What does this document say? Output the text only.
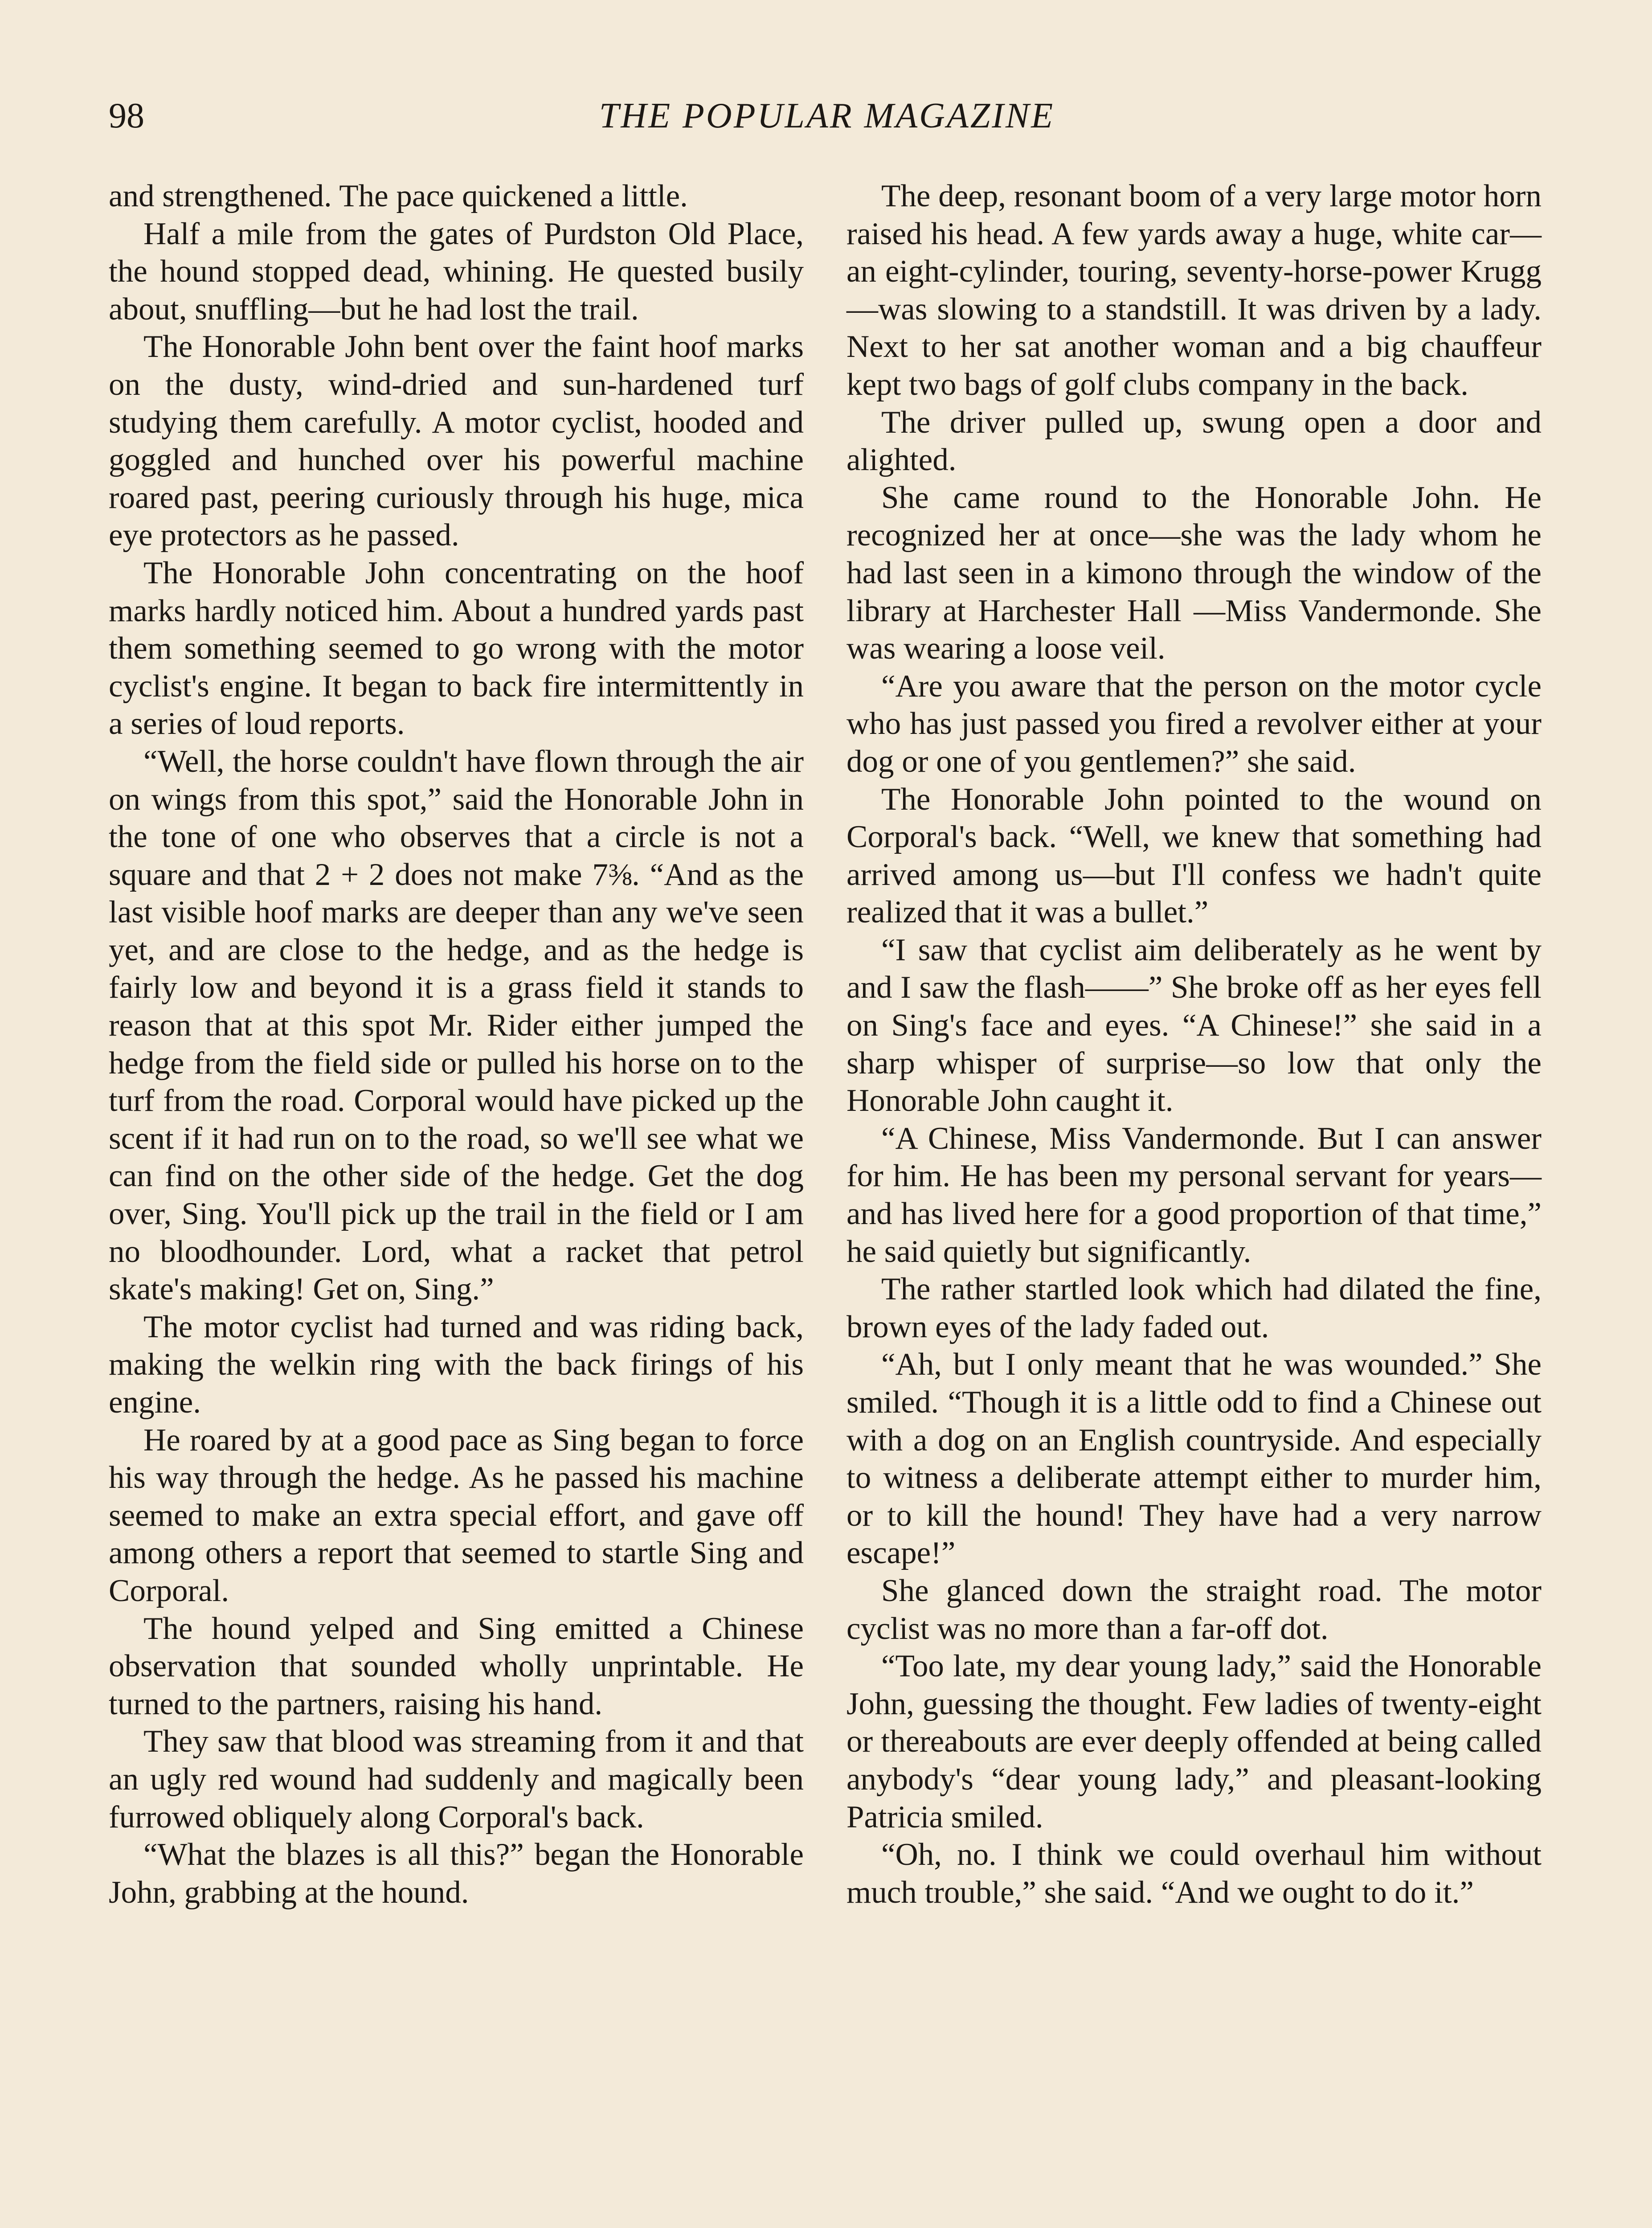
98	THE POPULAR MAGAZINE

and strengthened. The pace quickened a little.

Half a mile from the gates of Purdston Old Place, the hound stopped dead, whining. He quested busily about, snuffling—but he had lost the trail.

The Honorable John bent over the faint hoof marks on the dusty, wind-dried and sun-hardened turf studying them carefully. A motor cyclist, hooded and goggled and hunched over his powerful machine roared past, peering curiously through his huge, mica eye protectors as he passed.

The Honorable John concentrating on the hoof marks hardly noticed him. About a hundred yards past them something seemed to go wrong with the motor cyclist's engine. It began to back fire intermittently in a series of loud reports.

“Well, the horse couldn't have flown through the air on wings from this spot,” said the Honorable John in the tone of one who observes that a circle is not a square and that 2 + 2 does not make 7⅜. “And as the last visible hoof marks are deeper than any we've seen yet, and are close to the hedge, and as the hedge is fairly low and beyond it is a grass field it stands to reason that at this spot Mr. Rider either jumped the hedge from the field side or pulled his horse on to the turf from the road. Corporal would have picked up the scent if it had run on to the road, so we'll see what we can find on the other side of the hedge. Get the dog over, Sing. You'll pick up the trail in the field or I am no bloodhounder. Lord, what a racket that petrol skate's making! Get on, Sing.”

The motor cyclist had turned and was riding back, making the welkin ring with the back firings of his engine.

He roared by at a good pace as Sing began to force his way through the hedge. As he passed his machine seemed to make an extra special effort, and gave off among others a report that seemed to startle Sing and Corporal.

The hound yelped and Sing emitted a Chinese observation that sounded wholly unprintable. He turned to the partners, raising his hand.

They saw that blood was streaming from it and that an ugly red wound had suddenly and magically been furrowed obliquely along Corporal's back.

“What the blazes is all this?” began the Honorable John, grabbing at the hound.

The deep, resonant boom of a very large motor horn raised his head. A few yards away a huge, white car—an eight-cylinder, touring, seventy-horse-power Krugg—was slowing to a standstill. It was driven by a lady. Next to her sat another woman and a big chauffeur kept two bags of golf clubs company in the back.

The driver pulled up, swung open a door and alighted.

She came round to the Honorable John. He recognized her at once—she was the lady whom he had last seen in a kimono through the window of the library at Harchester Hall —Miss Vandermonde. She was wearing a loose veil.

“Are you aware that the person on the motor cycle who has just passed you fired a revolver either at your dog or one of you gentlemen?” she said.

The Honorable John pointed to the wound on Corporal's back. “Well, we knew that something had arrived among us—but I'll confess we hadn't quite realized that it was a bullet.”

“I saw that cyclist aim deliberately as he went by and I saw the flash——” She broke off as her eyes fell on Sing's face and eyes. “A Chinese!” she said in a sharp whisper of surprise—so low that only the Honorable John caught it.

“A Chinese, Miss Vandermonde. But I can answer for him. He has been my personal servant for years—and has lived here for a good proportion of that time,” he said quietly but significantly.

The rather startled look which had dilated the fine, brown eyes of the lady faded out.

“Ah, but I only meant that he was wounded.” She smiled. “Though it is a little odd to find a Chinese out with a dog on an English countryside. And especially to witness a deliberate attempt either to murder him, or to kill the hound! They have had a very narrow escape!”

She glanced down the straight road. The motor cyclist was no more than a far-off dot.

“Too late, my dear young lady,” said the Honorable John, guessing the thought. Few ladies of twenty-eight or thereabouts are ever deeply offended at being called anybody's “dear young lady,” and pleasant-looking Patricia smiled.

“Oh, no. I think we could overhaul him without much trouble,” she said. “And we ought to do it.”
